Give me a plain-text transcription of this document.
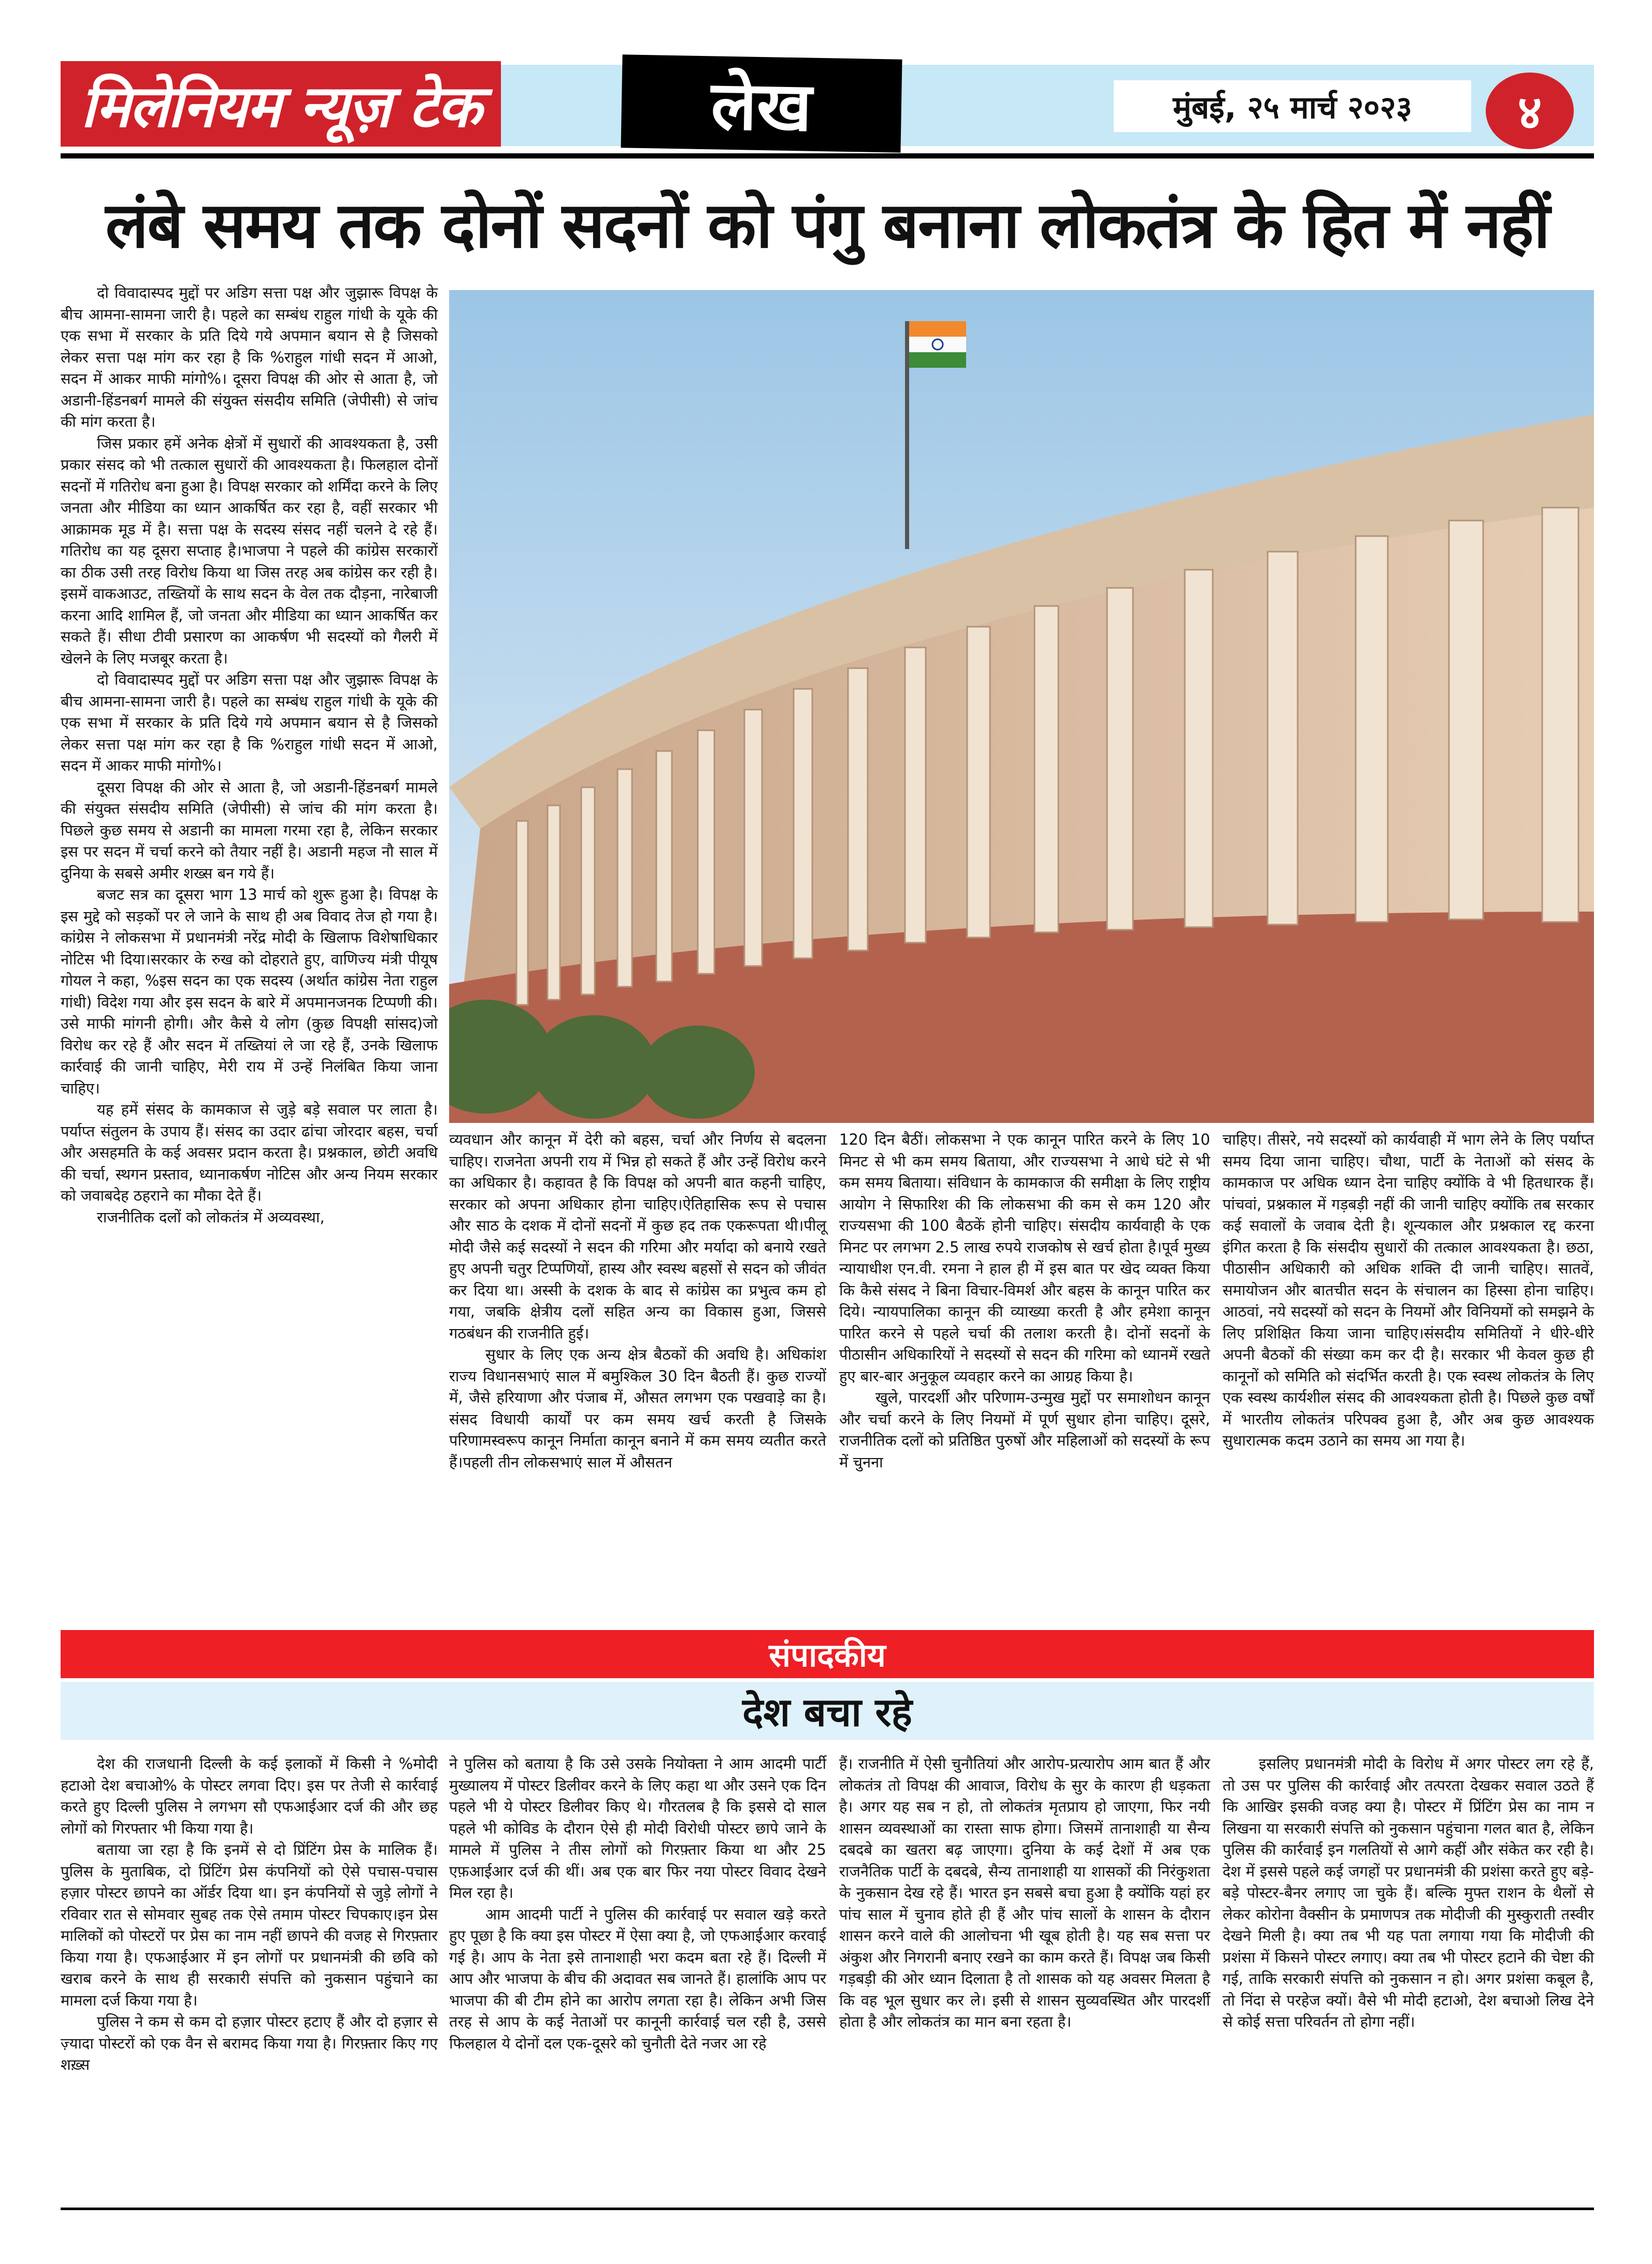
मिलेनियम न्यूज़ टेक	लेख	मुंबई, २५ मार्च २०२३	४
लंबे समय तक दोनों सदनों को पंगु बनाना लोकतंत्र के हित में नहीं

दो विवादास्पद मुद्दों पर अडिग सत्ता पक्ष और जुझारू विपक्ष के बीच आमना-सामना जारी है। पहले का सम्बंध राहुल गांधी के यूके की एक सभा में सरकार के प्रति दिये गये अपमान बयान से है जिसको लेकर सत्ता पक्ष मांग कर रहा है कि %राहुल गांधी सदन में आओ, सदन में आकर माफी मांगो%। दूसरा विपक्ष की ओर से आता है, जो अडानी-हिंडनबर्ग मामले की संयुक्त संसदीय समिति (जेपीसी) से जांच की मांग करता है।

जिस प्रकार हमें अनेक क्षेत्रों में सुधारों की आवश्यकता है, उसी प्रकार संसद को भी तत्काल सुधारों की आवश्यकता है। फिलहाल दोनों सदनों में गतिरोध बना हुआ है। विपक्ष सरकार को शर्मिंदा करने के लिए जनता और मीडिया का ध्यान आकर्षित कर रहा है, वहीं सरकार भी आक्रामक मूड में है। सत्ता पक्ष के सदस्य संसद नहीं चलने दे रहे हैं। गतिरोध का यह दूसरा सप्ताह है।भाजपा ने पहले की कांग्रेस सरकारों का ठीक उसी तरह विरोध किया था जिस तरह अब कांग्रेस कर रही है। इसमें वाकआउट, तख्तियों के साथ सदन के वेल तक दौड़ना, नारेबाजी करना आदि शामिल हैं, जो जनता और मीडिया का ध्यान आकर्षित कर सकते हैं। सीधा टीवी प्रसारण का आकर्षण भी सदस्यों को गैलरी में खेलने के लिए मजबूर करता है।

दो विवादास्पद मुद्दों पर अडिग सत्ता पक्ष और जुझारू विपक्ष के बीच आमना-सामना जारी है। पहले का सम्बंध राहुल गांधी के यूके की एक सभा में सरकार के प्रति दिये गये अपमान बयान से है जिसको लेकर सत्ता पक्ष मांग कर रहा है कि %राहुल गांधी सदन में आओ, सदन में आकर माफी मांगो%।

दूसरा विपक्ष की ओर से आता है, जो अडानी-हिंडनबर्ग मामले की संयुक्त संसदीय समिति (जेपीसी) से जांच की मांग करता है। पिछले कुछ समय से अडानी का मामला गरमा रहा है, लेकिन सरकार इस पर सदन में चर्चा करने को तैयार नहीं है। अडानी महज नौ साल में दुनिया के सबसे अमीर शख्स बन गये हैं।

बजट सत्र का दूसरा भाग 13 मार्च को शुरू हुआ है। विपक्ष के इस मुद्दे को सड़कों पर ले जाने के साथ ही अब विवाद तेज हो गया है। कांग्रेस ने लोकसभा में प्रधानमंत्री नरेंद्र मोदी के खिलाफ विशेषाधिकार नोटिस भी दिया।सरकार के रुख को दोहराते हुए, वाणिज्य मंत्री पीयूष गोयल ने कहा, %इस सदन का एक सदस्य (अर्थात कांग्रेस नेता राहुल गांधी) विदेश गया और इस सदन के बारे में अपमानजनक टिप्पणी की। उसे माफी मांगनी होगी। और कैसे ये लोग (कुछ विपक्षी सांसद)जो विरोध कर रहे हैं और सदन में तख्तियां ले जा रहे हैं, उनके खिलाफ कार्रवाई की जानी चाहिए, मेरी राय में उन्हें निलंबित किया जाना चाहिए।

यह हमें संसद के कामकाज से जुड़े बड़े सवाल पर लाता है। पर्याप्त संतुलन के उपाय हैं। संसद का उदार ढांचा जोरदार बहस, चर्चा और असहमति के कई अवसर प्रदान करता है। प्रश्नकाल, छोटी अवधि की चर्चा, स्थगन प्रस्ताव, ध्यानाकर्षण नोटिस और अन्य नियम सरकार को जवाबदेह ठहराने का मौका देते हैं।

राजनीतिक दलों को लोकतंत्र में अव्यवस्था,

व्यवधान और कानून में देरी को बहस, चर्चा और निर्णय से बदलना चाहिए। राजनेता अपनी राय में भिन्न हो सकते हैं और उन्हें विरोध करने का अधिकार है। कहावत है कि विपक्ष को अपनी बात कहनी चाहिए, सरकार को अपना अधिकार होना चाहिए।ऐतिहासिक रूप से पचास और साठ के दशक में दोनों सदनों में कुछ हद तक एकरूपता थी।पीलू मोदी जैसे कई सदस्यों ने सदन की गरिमा और मर्यादा को बनाये रखते हुए अपनी चतुर टिप्पणियों, हास्य और स्वस्थ बहसों से सदन को जीवंत कर दिया था। अस्सी के दशक के बाद से कांग्रेस का प्रभुत्व कम हो गया, जबकि क्षेत्रीय दलों सहित अन्य का विकास हुआ, जिससे गठबंधन की राजनीति हुई।

सुधार के लिए एक अन्य क्षेत्र बैठकों की अवधि है। अधिकांश राज्य विधानसभाएं साल में बमुश्किल 30 दिन बैठती हैं। कुछ राज्यों में, जैसे हरियाणा और पंजाब में, औसत लगभग एक पखवाड़े का है। संसद विधायी कार्यों पर कम समय खर्च करती है जिसके परिणामस्वरूप कानून निर्माता कानून बनाने में कम समय व्यतीत करते हैं।पहली तीन लोकसभाएं साल में औसतन

120 दिन बैठीं। लोकसभा ने एक कानून पारित करने के लिए 10 मिनट से भी कम समय बिताया, और राज्यसभा ने आधे घंटे से भी कम समय बिताया। संविधान के कामकाज की समीक्षा के लिए राष्ट्रीय आयोग ने सिफारिश की कि लोकसभा की कम से कम 120 और राज्यसभा की 100 बैठकें होनी चाहिए। संसदीय कार्यवाही के एक मिनट पर लगभग 2.5 लाख रुपये राजकोष से खर्च होता है।पूर्व मुख्य न्यायाधीश एन.वी. रमना ने हाल ही में इस बात पर खेद व्यक्त किया कि कैसे संसद ने बिना विचार-विमर्श और बहस के कानून पारित कर दिये। न्यायपालिका कानून की व्याख्या करती है और हमेशा कानून पारित करने से पहले चर्चा की तलाश करती है। दोनों सदनों के पीठासीन अधिकारियों ने सदस्यों से सदन की गरिमा को ध्यानमें रखते हुए बार-बार अनुकूल व्यवहार करने का आग्रह किया है।

खुले, पारदर्शी और परिणाम-उन्मुख मुद्दों पर समाशोधन कानून और चर्चा करने के लिए नियमों में पूर्ण सुधार होना चाहिए। दूसरे, राजनीतिक दलों को प्रतिष्ठित पुरुषों और महिलाओं को सदस्यों के रूप में चुनना

चाहिए। तीसरे, नये सदस्यों को कार्यवाही में भाग लेने के लिए पर्याप्त समय दिया जाना चाहिए। चौथा, पार्टी के नेताओं को संसद के कामकाज पर अधिक ध्यान देना चाहिए क्योंकि वे भी हितधारक हैं।पांचवां, प्रश्नकाल में गड़बड़ी नहीं की जानी चाहिए क्योंकि तब सरकार कई सवालों के जवाब देती है। शून्यकाल और प्रश्नकाल रद्द करना इंगित करता है कि संसदीय सुधारों की तत्काल आवश्यकता है। छठा, पीठासीन अधिकारी को अधिक शक्ति दी जानी चाहिए। सातवें, समायोजन और बातचीत सदन के संचालन का हिस्सा होना चाहिए। आठवां, नये सदस्यों को सदन के नियमों और विनियमों को समझने के लिए प्रशिक्षित किया जाना चाहिए।संसदीय समितियों ने धीरे-धीरे अपनी बैठकों की संख्या कम कर दी है। सरकार भी केवल कुछ ही कानूनों को समिति को संदर्भित करती है। एक स्वस्थ लोकतंत्र के लिए एक स्वस्थ कार्यशील संसद की आवश्यकता होती है। पिछले कुछ वर्षों में भारतीय लोकतंत्र परिपक्व हुआ है, और अब कुछ आवश्यक सुधारात्मक कदम उठाने का समय आ गया है।

संपादकीय
देश बचा रहे

देश की राजधानी दिल्ली के कई इलाकों में किसी ने %मोदी हटाओ देश बचाओ% के पोस्टर लगवा दिए। इस पर तेजी से कार्रवाई करते हुए दिल्ली पुलिस ने लगभग सौ एफआईआर दर्ज की और छह लोगों को गिरफ्तार भी किया गया है।

बताया जा रहा है कि इनमें से दो प्रिंटिंग प्रेस के मालिक हैं। पुलिस के मुताबिक, दो प्रिंटिंग प्रेस कंपनियों को ऐसे पचास-पचास हज़ार पोस्टर छापने का ऑर्डर दिया था। इन कंपनियों से जुड़े लोगों ने रविवार रात से सोमवार सुबह तक ऐसे तमाम पोस्टर चिपकाए।इन प्रेस मालिकों को पोस्टरों पर प्रेस का नाम नहीं छापने की वजह से गिरफ़्तार किया गया है। एफआईआर में इन लोगों पर प्रधानमंत्री की छवि को खराब करने के साथ ही सरकारी संपत्ति को नुकसान पहुंचाने का मामला दर्ज किया गया है।

पुलिस ने कम से कम दो हज़ार पोस्टर हटाए हैं और दो हज़ार से ज़्यादा पोस्टरों को एक वैन से बरामद किया गया है। गिरफ़्तार किए गए शख़्स

ने पुलिस को बताया है कि उसे उसके नियोक्ता ने आम आदमी पार्टी मुख्यालय में पोस्टर डिलीवर करने के लिए कहा था और उसने एक दिन पहले भी ये पोस्टर डिलीवर किए थे। गौरतलब है कि इससे दो साल पहले भी कोविड के दौरान ऐसे ही मोदी विरोधी पोस्टर छापे जाने के मामले में पुलिस ने तीस लोगों को गिरफ़्तार किया था और 25 एफ़आईआर दर्ज की थीं। अब एक बार फिर नया पोस्टर विवाद देखने मिल रहा है।

आम आदमी पार्टी ने पुलिस की कार्रवाई पर सवाल खड़े करते हुए पूछा है कि क्या इस पोस्टर में ऐसा क्या है, जो एफआईआर करवाई गई है। आप के नेता इसे तानाशाही भरा कदम बता रहे हैं। दिल्ली में आप और भाजपा के बीच की अदावत सब जानते हैं। हालांकि आप पर भाजपा की बी टीम होने का आरोप लगता रहा है। लेकिन अभी जिस तरह से आप के कई नेताओं पर कानूनी कार्रवाई चल रही है, उससे फिलहाल ये दोनों दल एक-दूसरे को चुनौती देते नजर आ रहे

हैं। राजनीति में ऐसी चुनौतियां और आरोप-प्रत्यारोप आम बात हैं और लोकतंत्र तो विपक्ष की आवाज, विरोध के सुर के कारण ही धड़कता है। अगर यह सब न हो, तो लोकतंत्र मृतप्राय हो जाएगा, फिर नयी शासन व्यवस्थाओं का रास्ता साफ होगा। जिसमें तानाशाही या सैन्य दबदबे का खतरा बढ़ जाएगा। दुनिया के कई देशों में अब एक राजनैतिक पार्टी के दबदबे, सैन्य तानाशाही या शासकों की निरंकुशता के नुकसान देख रहे हैं। भारत इन सबसे बचा हुआ है क्योंकि यहां हर पांच साल में चुनाव होते ही हैं और पांच सालों के शासन के दौरान शासन करने वाले की आलोचना भी खूब होती है। यह सब सत्ता पर अंकुश और निगरानी बनाए रखने का काम करते हैं। विपक्ष जब किसी गड़बड़ी की ओर ध्यान दिलाता है तो शासक को यह अवसर मिलता है कि वह भूल सुधार कर ले। इसी से शासन सुव्यवस्थित और पारदर्शी होता है और लोकतंत्र का मान बना रहता है।

इसलिए प्रधानमंत्री मोदी के विरोध में अगर पोस्टर लग रहे हैं, तो उस पर पुलिस की कार्रवाई और तत्परता देखकर सवाल उठते हैं कि आखिर इसकी वजह क्या है। पोस्टर में प्रिंटिंग प्रेस का नाम न लिखना या सरकारी संपत्ति को नुकसान पहुंचाना गलत बात है, लेकिन पुलिस की कार्रवाई इन गलतियों से आगे कहीं और संकेत कर रही है। देश में इससे पहले कई जगहों पर प्रधानमंत्री की प्रशंसा करते हुए बड़े-बड़े पोस्टर-बैनर लगाए जा चुके हैं। बल्कि मुफ्त राशन के थैलों से लेकर कोरोना वैक्सीन के प्रमाणपत्र तक मोदीजी की मुस्कुराती तस्वीर देखने मिली है। क्या तब भी यह पता लगाया गया कि मोदीजी की प्रशंसा में किसने पोस्टर लगाए। क्या तब भी पोस्टर हटाने की चेष्टा की गई, ताकि सरकारी संपत्ति को नुकसान न हो। अगर प्रशंसा कबूल है, तो निंदा से परहेज क्यों। वैसे भी मोदी हटाओ, देश बचाओ लिख देने से कोई सत्ता परिवर्तन तो होगा नहीं।
